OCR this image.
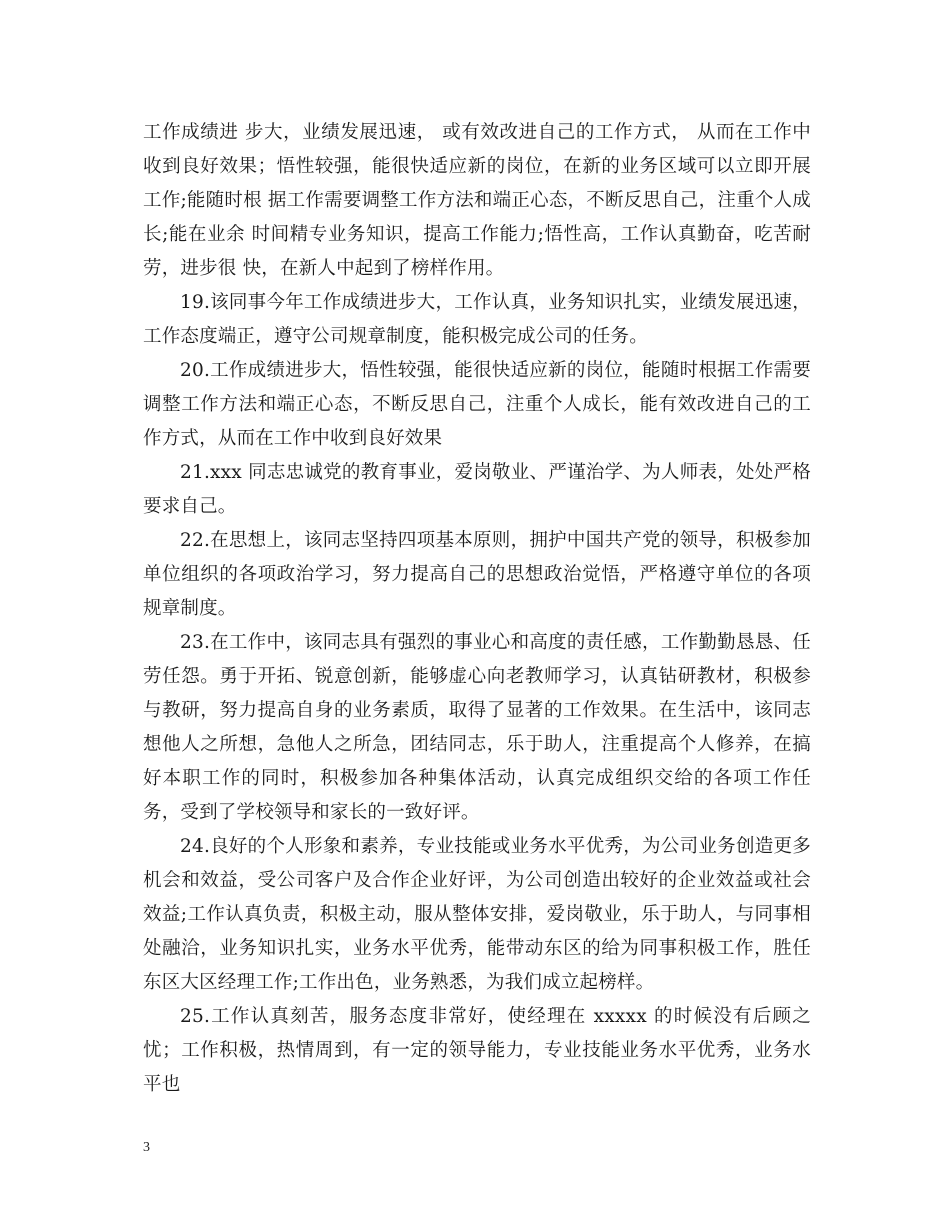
工作成绩进 步大，业绩发展迅速， 或有效改进自己的工作方式， 从而在工作中收到良好效果；悟性较强，能很快适应新的岗位，在新的业务区域可以立即开展工作;能随时根 据工作需要调整工作方法和端正心态，不断反思自己，注重个人成长;能在业余 时间精专业务知识，提高工作能力;悟性高，工作认真勤奋，吃苦耐劳，进步很 快，在新人中起到了榜样作用。

19.该同事今年工作成绩进步大，工作认真，业务知识扎实，业绩发展迅速，工作态度端正，遵守公司规章制度，能积极完成公司的任务。

20.工作成绩进步大，悟性较强，能很快适应新的岗位，能随时根据工作需要调整工作方法和端正心态，不断反思自己，注重个人成长，能有效改进自己的工作方式，从而在工作中收到良好效果

21.xxx 同志忠诚党的教育事业，爱岗敬业、严谨治学、为人师表，处处严格要求自己。

22.在思想上，该同志坚持四项基本原则，拥护中国共产党的领导，积极参加单位组织的各项政治学习，努力提高自己的思想政治觉悟，严格遵守单位的各项规章制度。

23.在工作中，该同志具有强烈的事业心和高度的责任感，工作勤勤恳恳、任劳任怨。勇于开拓、锐意创新，能够虚心向老教师学习，认真钻研教材，积极参与教研，努力提高自身的业务素质，取得了显著的工作效果。在生活中，该同志想他人之所想，急他人之所急，团结同志，乐于助人，注重提高个人修养，在搞好本职工作的同时，积极参加各种集体活动，认真完成组织交给的各项工作任务，受到了学校领导和家长的一致好评。

24.良好的个人形象和素养，专业技能或业务水平优秀，为公司业务创造更多机会和效益，受公司客户及合作企业好评，为公司创造出较好的企业效益或社会效益;工作认真负责，积极主动，服从整体安排，爱岗敬业，乐于助人，与同事相处融洽，业务知识扎实，业务水平优秀，能带动东区的给为同事积极工作，胜任东区大区经理工作;工作出色，业务熟悉，为我们成立起榜样。

25.工作认真刻苦，服务态度非常好，使经理在 xxxxx 的时候没有后顾之忧；工作积极，热情周到，有一定的领导能力，专业技能业务水平优秀，业务水平也

3
